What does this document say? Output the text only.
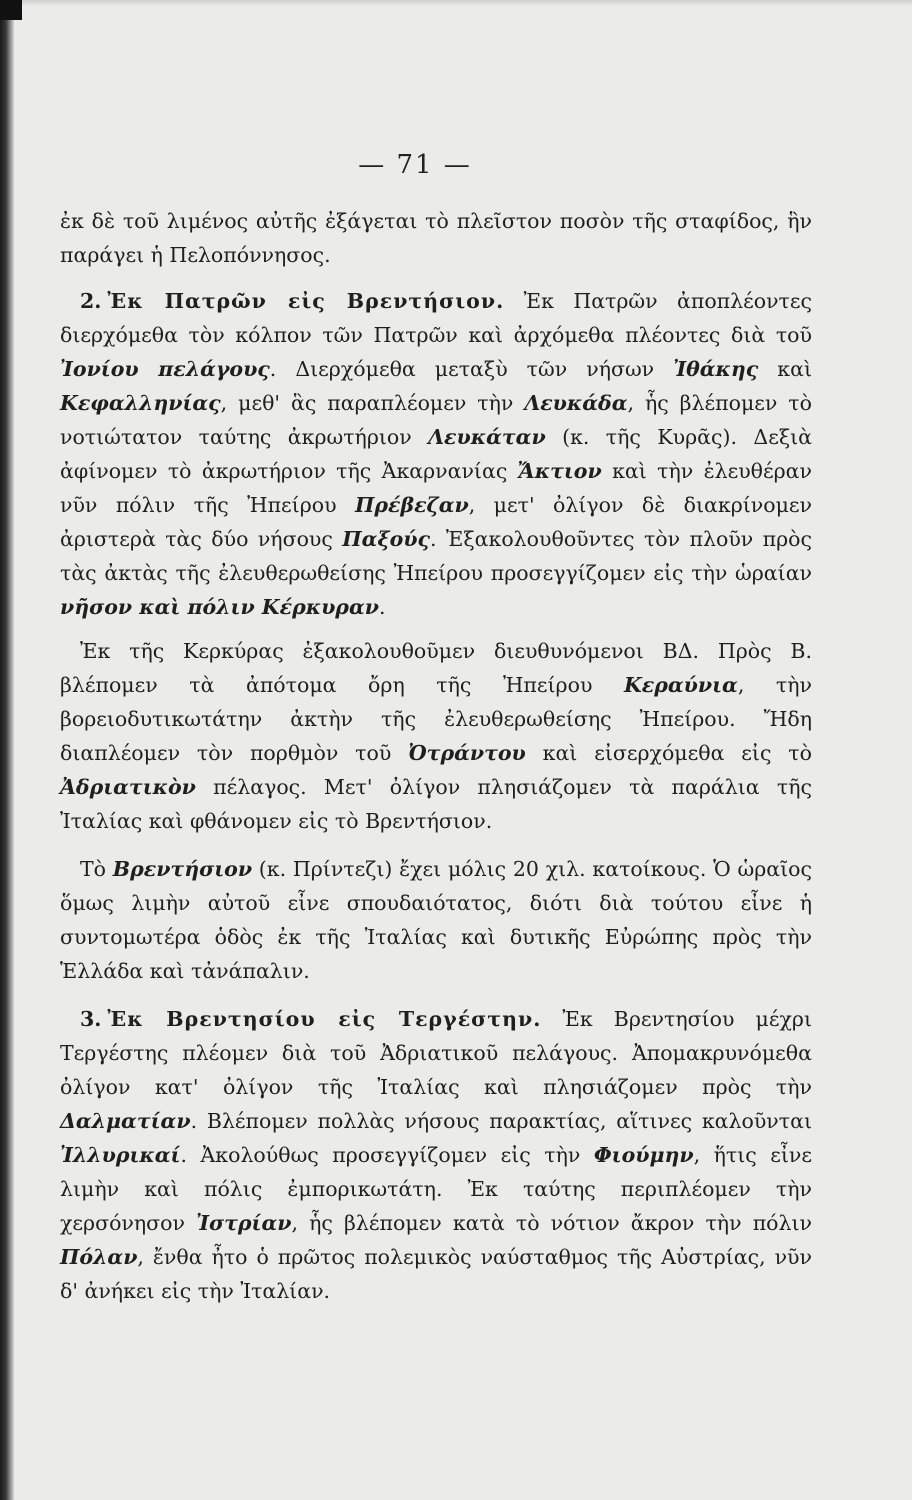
— 71 —

ἐκ δὲ τοῦ λιμένος αὐτῆς ἐξάγεται τὸ πλεῖστον ποσὸν τῆς σταφίδος, ἣν παράγει ἡ Πελοπόννησος.

2. Ἐκ Πατρῶν εἰς Βρεντήσιον. Ἐκ Πατρῶν ἀποπλέοντες διερχόμεθα τὸν κόλπον τῶν Πατρῶν καὶ ἀρχόμεθα πλέοντες διὰ τοῦ Ἰονίου πελάγους. Διερχόμεθα μεταξὺ τῶν νήσων Ἰθάκης καὶ Κεφαλληνίας, μεθ' ἃς παραπλέομεν τὴν Λευκάδα, ἧς βλέπομεν τὸ νοτιώτατον ταύτης ἀκρωτήριον Λευκάταν (κ. τῆς Κυρᾶς). Δεξιὰ ἀφίνομεν τὸ ἀκρωτήριον τῆς Ἀκαρνανίας Ἄκτιον καὶ τὴν ἐλευθέραν νῦν πόλιν τῆς Ἠπείρου Πρέβεζαν, μετ' ὀλίγον δὲ διακρίνομεν ἀριστερὰ τὰς δύο νήσους Παξούς. Ἐξακολουθοῦντες τὸν πλοῦν πρὸς τὰς ἀκτὰς τῆς ἐλευθερωθείσης Ἠπείρου προσεγγίζομεν εἰς τὴν ὡραίαν νῆσον καὶ πόλιν Κέρκυραν.

Ἐκ τῆς Κερκύρας ἐξακολουθοῦμεν διευθυνόμενοι ΒΔ. Πρὸς Β. βλέπομεν τὰ ἀπότομα ὄρη τῆς Ἠπείρου Κεραύνια, τὴν βορειοδυτικωτάτην ἀκτὴν τῆς ἐλευθερωθείσης Ἠπείρου. Ἤδη διαπλέομεν τὸν πορθμὸν τοῦ Ὀτράντου καὶ εἰσερχόμεθα εἰς τὸ Ἀδριατικὸν πέλαγος. Μετ' ὀλίγον πλησιάζομεν τὰ παράλια τῆς Ἰταλίας καὶ φθάνομεν εἰς τὸ Βρεντήσιον.

Τὸ Βρεντήσιον (κ. Πρίντεζι) ἔχει μόλις 20 χιλ. κατοίκους. Ὁ ὡραῖος ὅμως λιμὴν αὐτοῦ εἶνε σπουδαιότατος, διότι διὰ τούτου εἶνε ἡ συντομωτέρα ὁδὸς ἐκ τῆς Ἰταλίας καὶ δυτικῆς Εὐρώπης πρὸς τὴν Ἑλλάδα καὶ τἀνάπαλιν.

3. Ἐκ Βρεντησίου εἰς Τεργέστην. Ἐκ Βρεντησίου μέχρι Τεργέστης πλέομεν διὰ τοῦ Ἀδριατικοῦ πελάγους. Ἀπομακρυνόμεθα ὀλίγον κατ' ὀλίγον τῆς Ἰταλίας καὶ πλησιάζομεν πρὸς τὴν Δαλματίαν. Βλέπομεν πολλὰς νήσους παρακτίας, αἵτινες καλοῦνται Ἰλλυρικαί. Ἀκολούθως προσεγγίζομεν εἰς τὴν Φιούμην, ἥτις εἶνε λιμὴν καὶ πόλις ἐμπορικωτάτη. Ἐκ ταύτης περιπλέομεν τὴν χερσόνησον Ἰστρίαν, ἧς βλέπομεν κατὰ τὸ νότιον ἄκρον τὴν πόλιν Πόλαν, ἔνθα ἦτο ὁ πρῶτος πολεμικὸς ναύσταθμος τῆς Αὐστρίας, νῦν δ' ἀνήκει εἰς τὴν Ἰταλίαν.
